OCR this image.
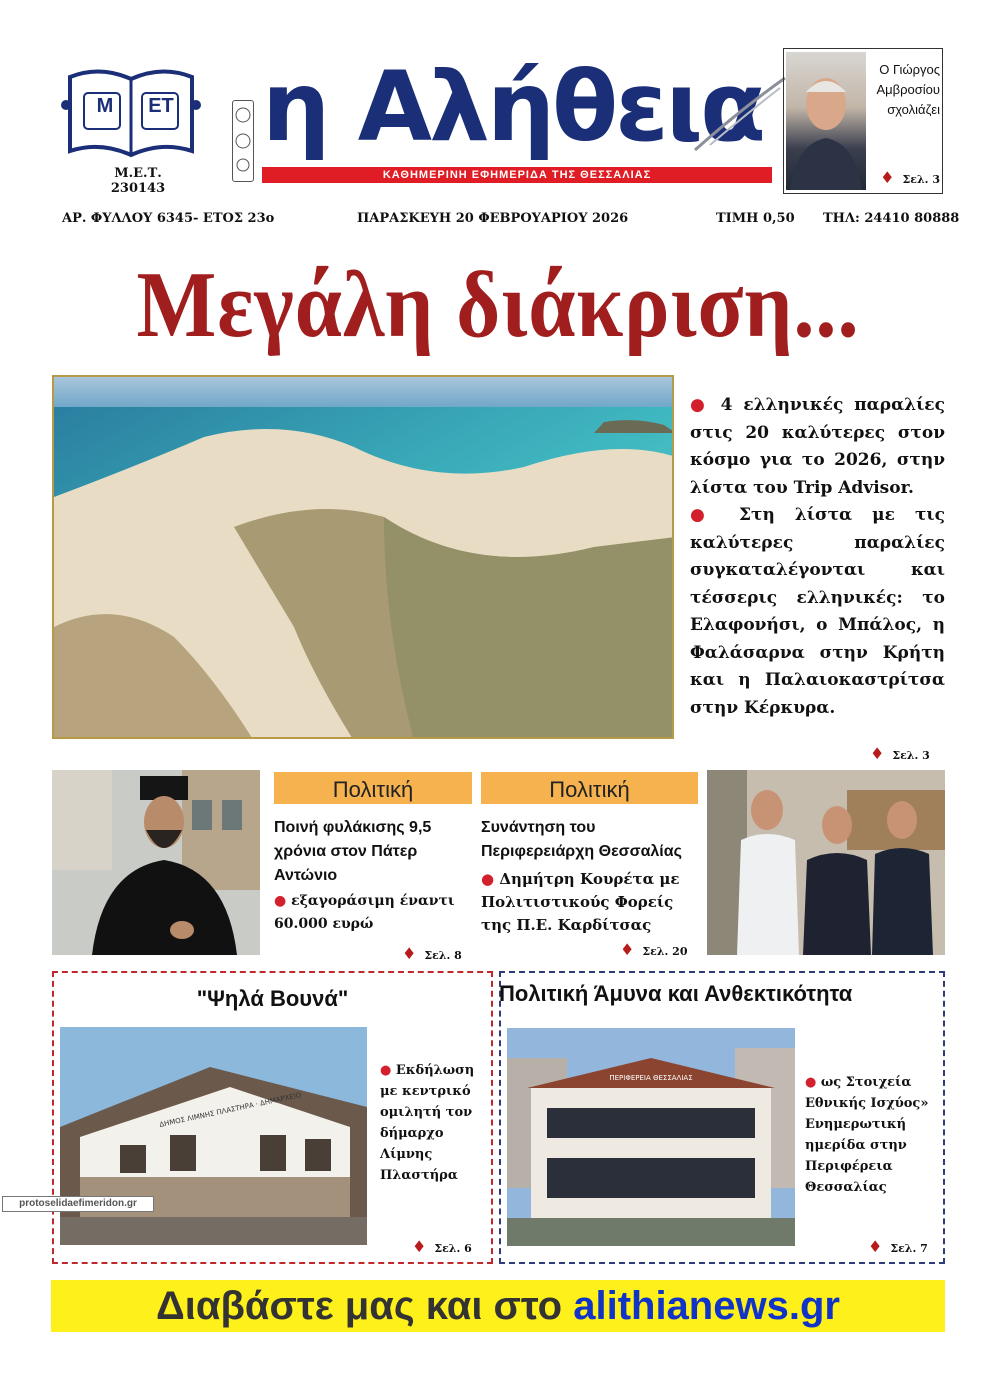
Μ	ΕΤ
Μ.Ε.Τ. 230143
η Αλήθεια
ΚΑΘΗΜΕΡΙΝΗ ΕΦΗΜΕΡΙΔΑ ΤΗΣ ΘΕΣΣΑΛΙΑΣ
Ο Γιώργος
Αμβροσίου
σχολιάζει
♦ Σελ. 3
ΑΡ. ΦΥΛΛΟΥ 6345- ΕΤΟΣ 23ο	ΠΑΡΑΣΚΕΥΗ 20 ΦΕΒΡΟΥΑΡΙΟΥ 2026	ΤΙΜΗ 0,50 ΤΗΛ: 24410 80888
Μεγάλη διάκριση...

● 4 ελληνικές παραλίες στις 20 καλύτερες στον κόσμο για το 2026, στην λίστα του Trip Advisor.

● Στη λίστα με τις καλύτερες παραλίες συγκαταλέγονται και τέσσερις ελληνικές: το Ελαφονήσι, ο Μπάλος, η Φαλάσαρνα στην Κρήτη και η Παλαιοκαστρίτσα στην Κέρκυρα.

♦ Σελ. 3
Πολιτική
Ποινή φυλάκισης 9,5 χρόνια στον Πάτερ Αντώνιο
● εξαγοράσιμη έναντι 60.000 ευρώ
♦ Σελ. 8
Πολιτική
Συνάντηση του Περιφερειάρχη Θεσσαλίας
● Δημήτρη Κουρέτα με Πολιτιστικούς Φορείς της Π.Ε. Καρδίτσας
♦ Σελ. 20
"Ψηλά Βουνά"
ΔΗΜΟΣ ΛΙΜΝΗΣ ΠΛΑΣΤΗΡΑ · ΔΗΜΑΡΧΕΙΟ
● Εκδήλωση με κεντρικό ομιλητή τον δήμαρχο Λίμνης Πλαστήρα
♦ Σελ. 6
Πολιτική Άμυνα και Ανθεκτικότητα
ΠΕΡΙΦΕΡΕΙΑ ΘΕΣΣΑΛΙΑΣ	● ως Στοιχεία Εθνικής Ισχύος» Ενημερωτική ημερίδα στην Περιφέρεια Θεσσαλίας
♦ Σελ. 7
protoselidaefimeridon.gr
Διαβάστε μας και στο alithianews.gr
